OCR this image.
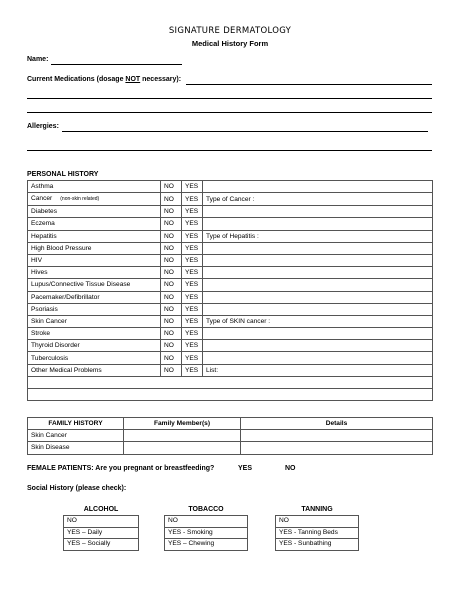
SIGNATURE DERMATOLOGY
Medical History Form
Name:
Current Medications (dosage NOT necessary):
Allergies:
PERSONAL HISTORY
Asthma	NO	YES	
Cancer (non-skin related)	NO	YES	Type of Cancer :
Diabetes	NO	YES	
Eczema	NO	YES	
Hepatitis	NO	YES	Type of Hepatitis :
High Blood Pressure	NO	YES	
HIV	NO	YES	
Hives	NO	YES	
Lupus/Connective Tissue Disease	NO	YES	
Pacemaker/Defibrillator	NO	YES	
Psoriasis	NO	YES	
Skin Cancer	NO	YES	Type of SKIN cancer :
Stroke	NO	YES	
Thyroid Disorder	NO	YES	
Tuberculosis	NO	YES	
Other Medical Problems	NO	YES	List:

FAMILY HISTORY	Family Member(s)	Details
Skin Cancer		
Skin Disease		
FEMALE PATIENTS: Are you pregnant or breastfeeding?	YES	NO
Social History (please check):
ALCOHOL
NO
YES – Daily
YES – Socially
TOBACCO
NO
YES - Smoking
YES – Chewing
TANNING
NO
YES - Tanning Beds
YES - Sunbathing
